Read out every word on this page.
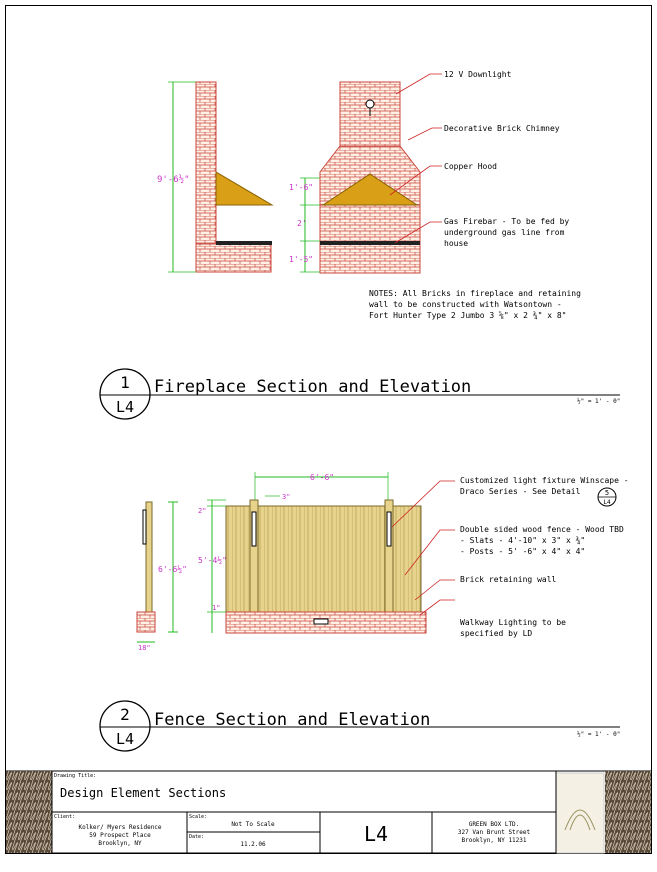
9'-6½"
1'-6"
2'
1'-5"
12 V Downlight
Decorative Brick Chimney
Copper Hood
Gas Firebar - To be fed by
underground gas line from
house
NOTES: All Bricks in fireplace and retaining
wall to be constructed with Watsontown -
Fort Hunter Type 2 Jumbo 3 ⅝" x 2 ¾" x 8"
1
L4
Fireplace Section and Elevation
½" = 1' - 0"
6'-6½"
18"
6'-6"
3"
2"
5'-4½"
1"
5
L4
Customized light fixture Winscape -
Draco Series - See Detail
Double sided wood fence - Wood TBD
- Slats - 4'-10" x 3" x ¾"
- Posts - 5' -6" x 4" x 4"
Brick retaining wall
Walkway Lighting to be
specified by LD
2
L4
Fence Section and Elevation
½" = 1' - 0"
Drawing Title:
Design Element Sections
Client:
Kolker/ Myers Residence
59 Prospect Place
Brooklyn, NY
Scale:
Not To Scale
Date:
11.2.06	L4	GREEN BOX LTD.
327 Van Brunt Street
Brooklyn, NY 11231
